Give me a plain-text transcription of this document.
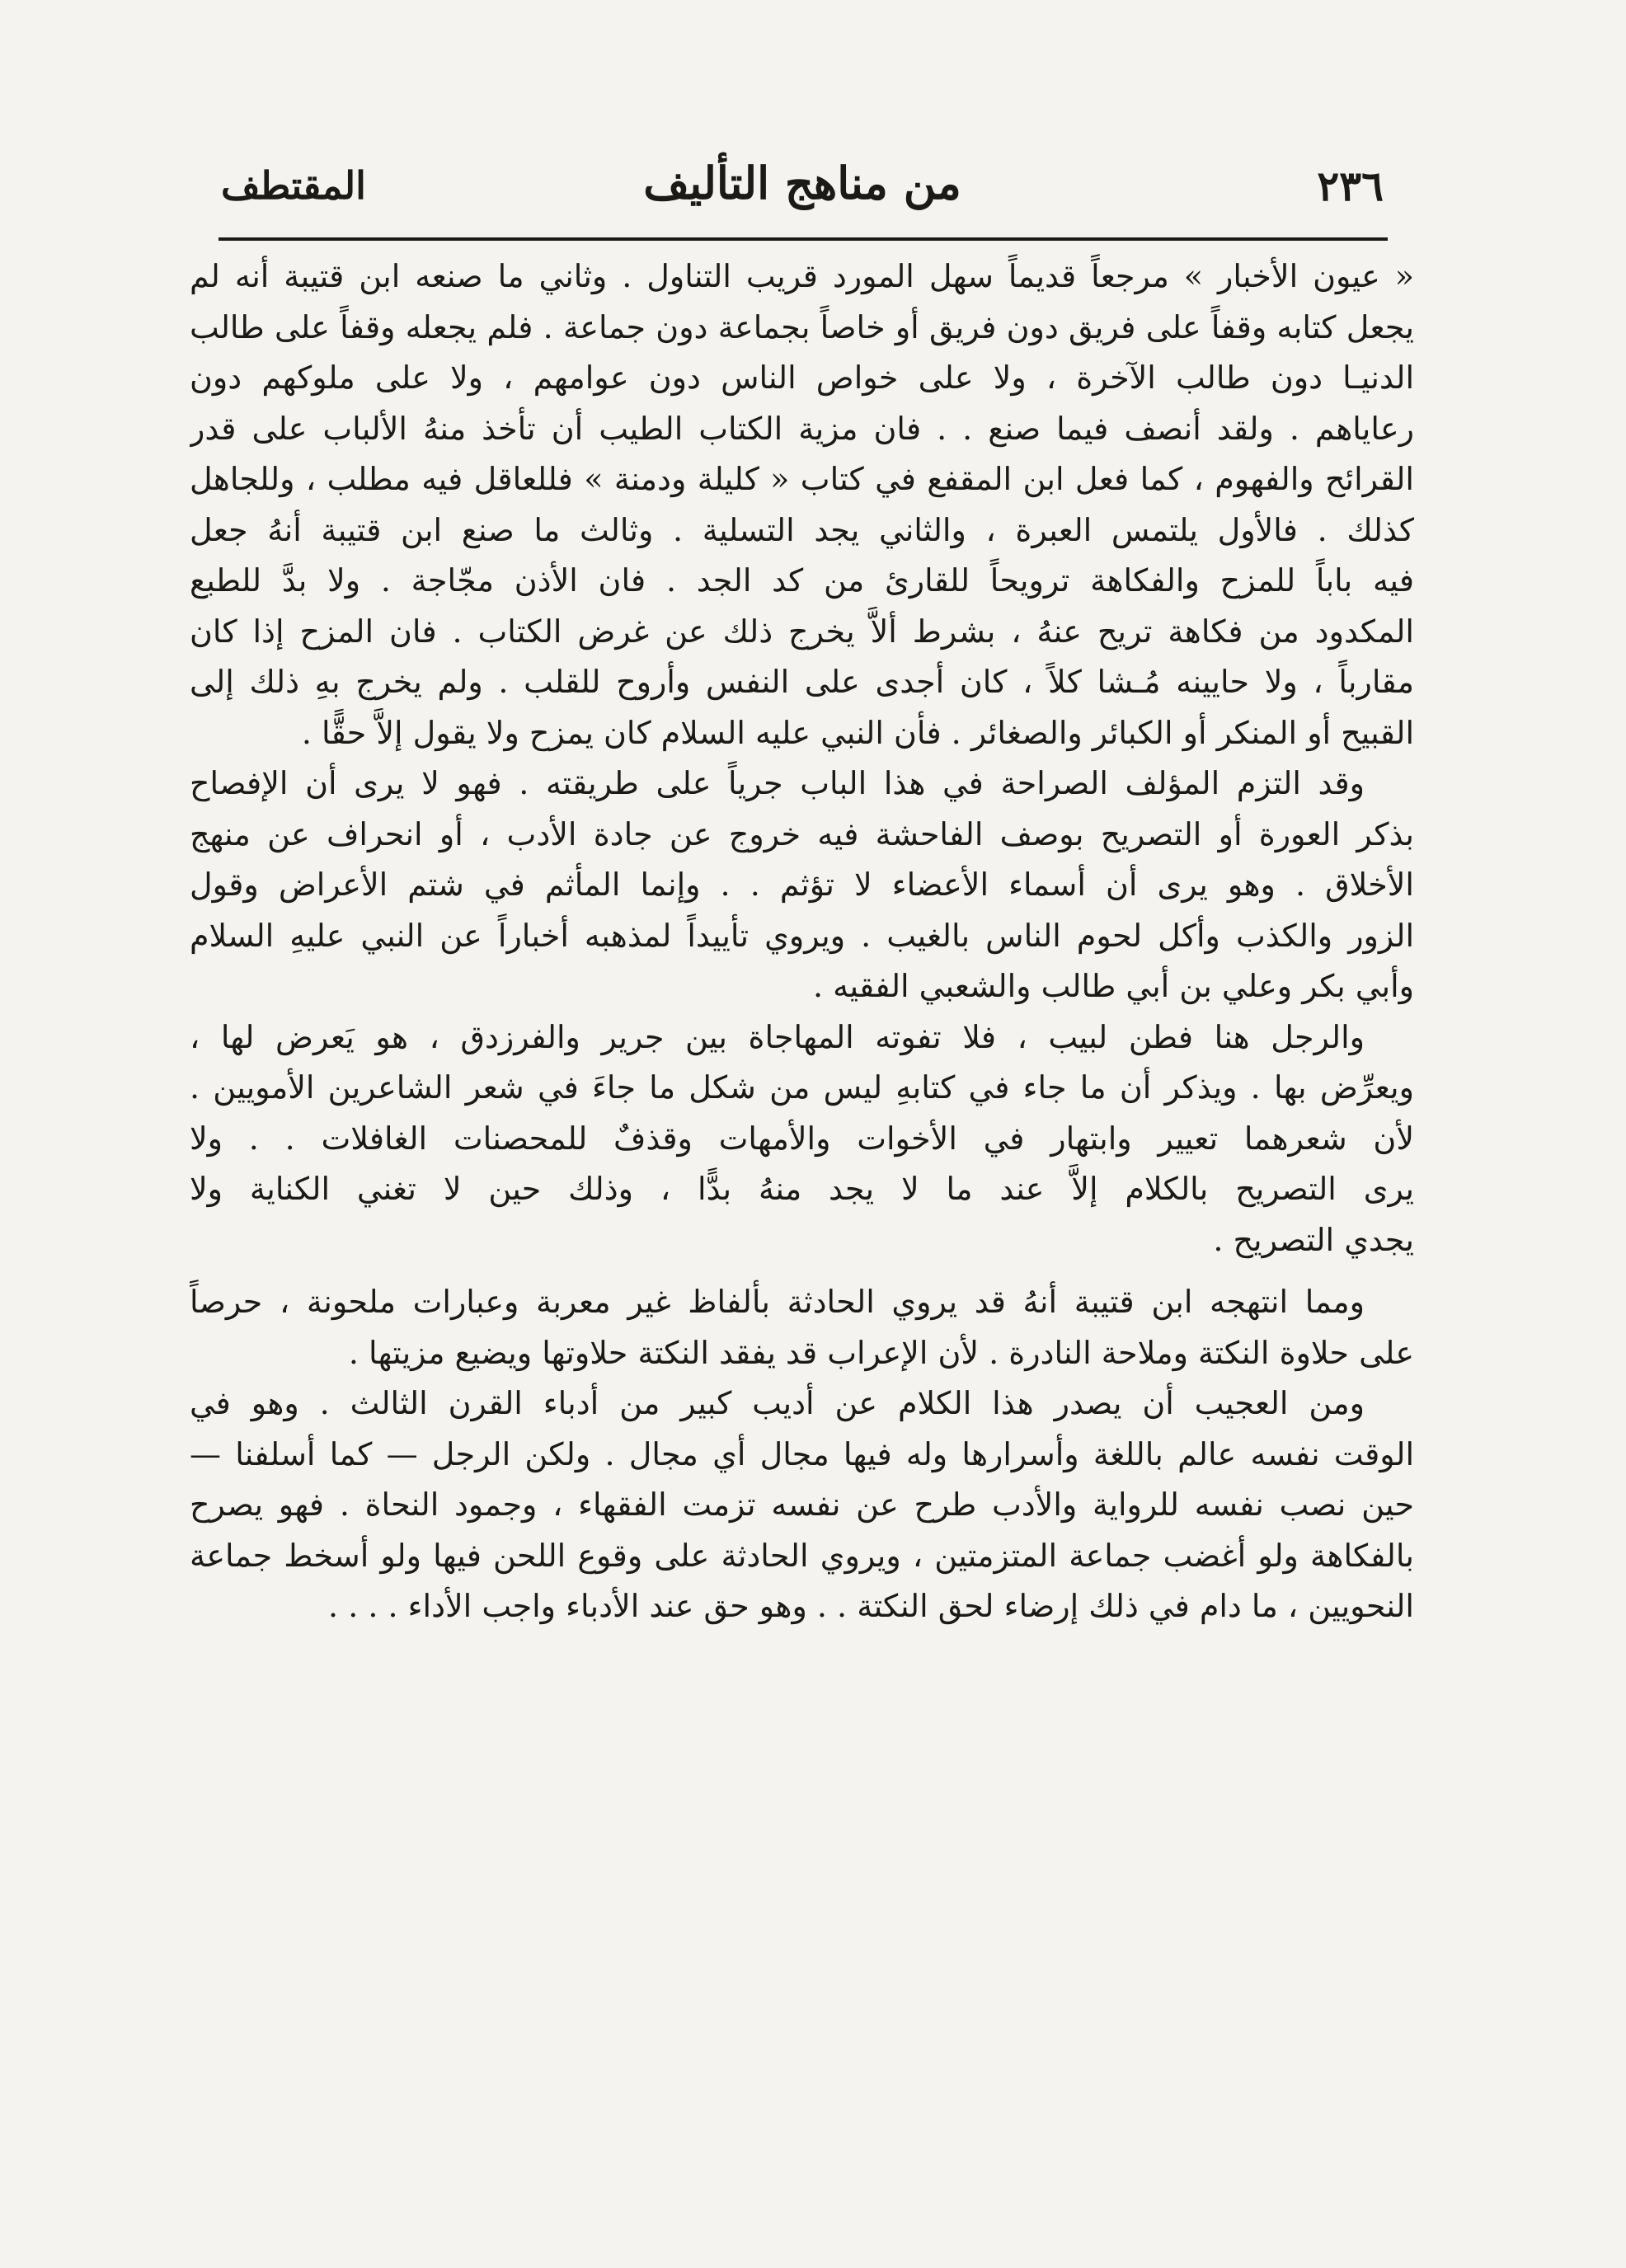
٢٣٦
من مناهج التأليف
المقتطف
« عيون الأخبار » مرجعاً قديماً سهل المورد قريب التناول . وثاني ما صنعه ابن قتيبة أنه لم
يجعل كتابه وقفاً على فريق دون فريق أو خاصاً بجماعة دون جماعة . فلم يجعله وقفاً على طالب
الدنيـا دون طالب الآخرة ، ولا على خواص الناس دون عوامهم ، ولا على ملوكهم دون
رعاياهم . ولقد أنصف فيما صنع . . فان مزية الكتاب الطيب أن تأخذ منهُ الألباب على قدر
القرائح والفهوم ، كما فعل ابن المقفع في كتاب « كليلة ودمنة » فللعاقل فيه مطلب ، وللجاهل
كذلك . فالأول يلتمس العبرة ، والثاني يجد التسلية . وثالث ما صنع ابن قتيبة أنهُ جعل
فيه باباً للمزح والفكاهة ترويحاً للقارئ من كد الجد . فان الأذن مجّاجة . ولا بدَّ للطبع
المكدود من فكاهة تريح عنهُ ، بشرط ألاَّ يخرج ذلك عن غرض الكتاب . فان المزح إذا كان
مقارباً ، ولا حايينه مُـشا كلاً ، كان أجدى على النفس وأروح للقلب . ولم يخرج بهِ ذلك إلى
القبيح أو المنكر أو الكبائر والصغائر . فأن النبي عليه السلام كان يمزح ولا يقول إلاَّ حقًّا .
وقد التزم المؤلف الصراحة في هذا الباب جرياً على طريقته . فهو لا يرى أن الإفصاح
بذكر العورة أو التصريح بوصف الفاحشة فيه خروج عن جادة الأدب ، أو انحراف عن منهج
الأخلاق . وهو يرى أن أسماء الأعضاء لا تؤثم . . وإنما المأثم في شتم الأعراض وقول
الزور والكذب وأكل لحوم الناس بالغيب . ويروي تأييداً لمذهبه أخباراً عن النبي عليهِ السلام
وأبي بكر وعلي بن أبي طالب والشعبي الفقيه .
والرجل هنا فطن لبيب ، فلا تفوته المهاجاة بين جرير والفرزدق ، هو يَعرض لها ،
ويعرِّض بها . ويذكر أن ما جاء في كتابهِ ليس من شكل ما جاءَ في شعر الشاعرين الأمويين .
لأن شعرهما تعيير وابتهار في الأخوات والأمهات وقذفٌ للمحصنات الغافلات . . ولا
يرى التصريح بالكلام إلاَّ عند ما لا يجد منهُ بدًّا ، وذلك حين لا تغني الكناية ولا
يجدي التصريح .
ومما انتهجه ابن قتيبة أنهُ قد يروي الحادثة بألفاظ غير معربة وعبارات ملحونة ، حرصاً
على حلاوة النكتة وملاحة النادرة . لأن الإعراب قد يفقد النكتة حلاوتها ويضيع مزيتها .
ومن العجيب أن يصدر هذا الكلام عن أديب كبير من أدباء القرن الثالث . وهو في
الوقت نفسه عالم باللغة وأسرارها وله فيها مجال أي مجال . ولكن الرجل — كما أسلفنا —
حين نصب نفسه للرواية والأدب طرح عن نفسه تزمت الفقهاء ، وجمود النحاة . فهو يصرح
بالفكاهة ولو أغضب جماعة المتزمتين ، ويروي الحادثة على وقوع اللحن فيها ولو أسخط جماعة
النحويين ، ما دام في ذلك إرضاء لحق النكتة . . وهو حق عند الأدباء واجب الأداء . . . .
